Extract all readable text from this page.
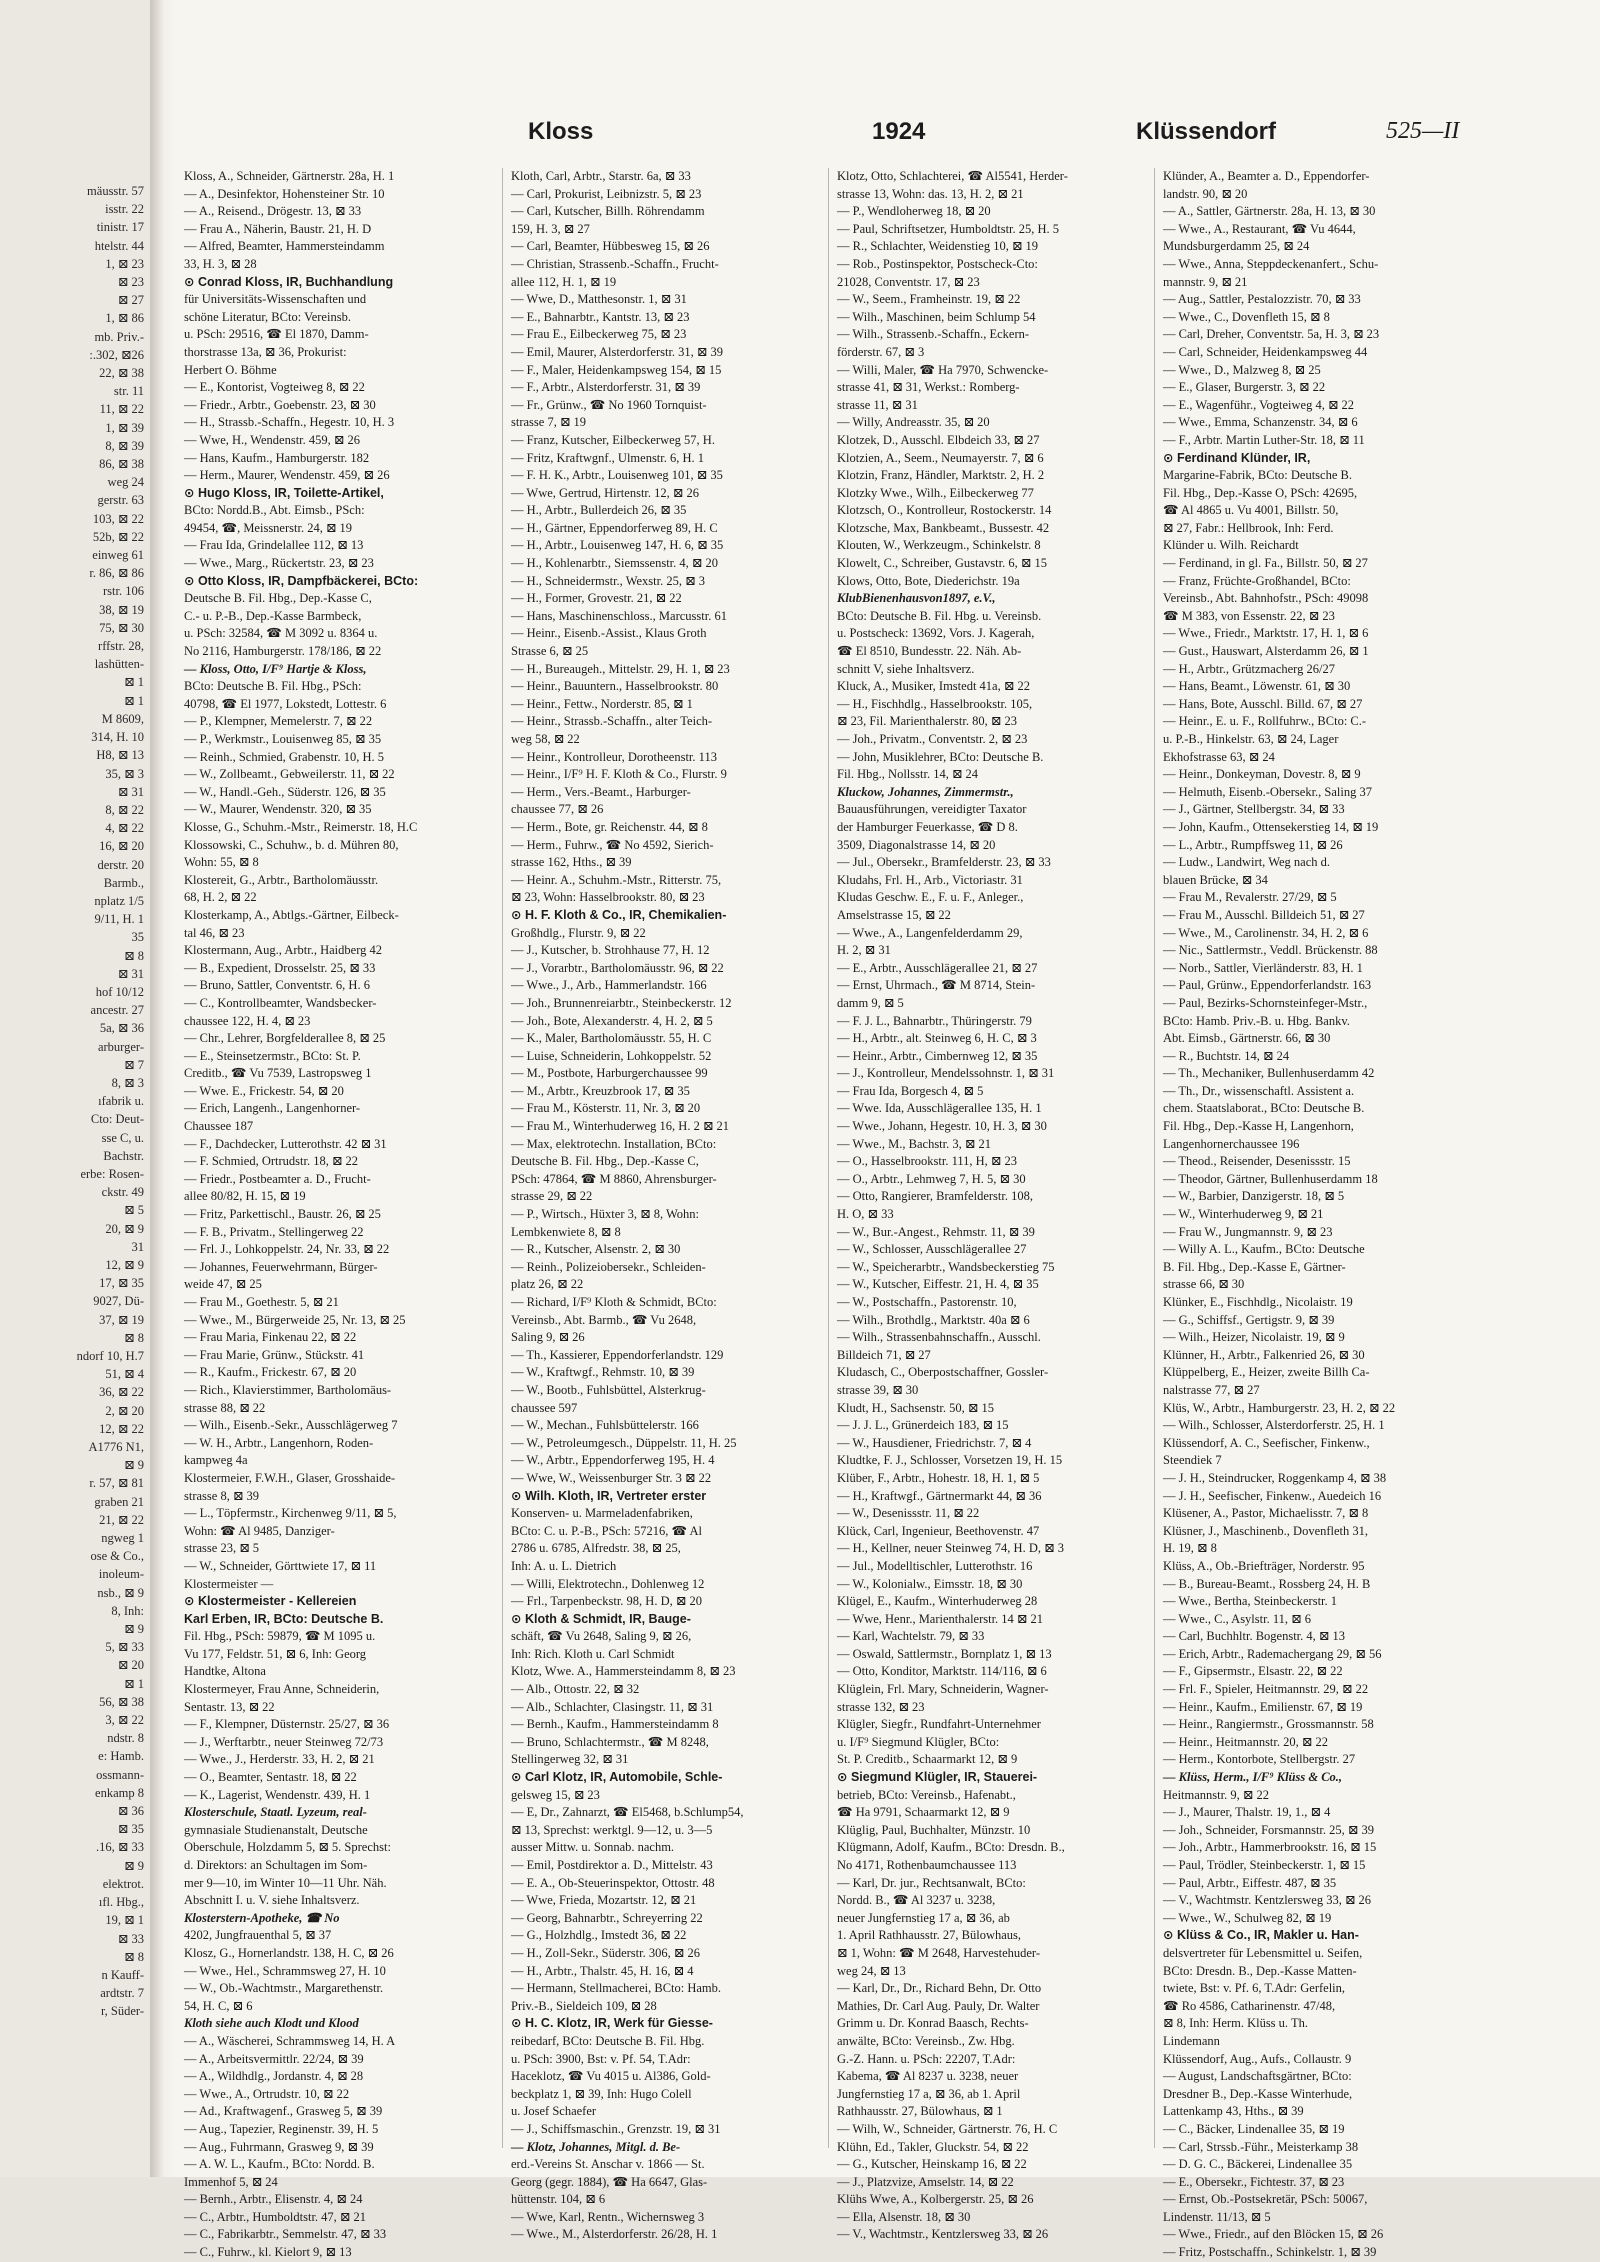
mäusstr. 57
isstr. 22
tinistr. 17
htelstr. 44
1, ⊠ 23
⊠ 23
⊠ 27
1, ⊠ 86
mb. Priv.-
:.302, ⊠26
22, ⊠ 38
str. 11
11, ⊠ 22
1, ⊠ 39
8, ⊠ 39
86, ⊠ 38
weg 24
gerstr. 63
103, ⊠ 22
52b, ⊠ 22
einweg 61
r. 86, ⊠ 86
rstr. 106
38, ⊠ 19
75, ⊠ 30
rffstr. 28,
lashütten-
⊠ 1
⊠ 1
M 8609,
314, H. 10
H8, ⊠ 13
35, ⊠ 3
⊠ 31
8, ⊠ 22
4, ⊠ 22
16, ⊠ 20
derstr. 20
Barmb.,
nplatz 1/5
9/11, H. 1
35
⊠ 8
⊠ 31
hof 10/12
ancestr. 27
5a, ⊠ 36
arburger-
⊠ 7
8, ⊠ 3
ıfabrik u.
Cto: Deut-
sse C, u.
Bachstr.
erbe: Rosen-
ckstr. 49
⊠ 5
20, ⊠ 9
31
12, ⊠ 9
17, ⊠ 35
9027, Dü-
37, ⊠ 19
⊠ 8
ndorf 10, H.7
51, ⊠ 4
36, ⊠ 22
2, ⊠ 20
12, ⊠ 22
A1776 N1,
⊠ 9
r. 57, ⊠ 81
graben 21
21, ⊠ 22
ngweg 1
ose & Co.,
inoleum-
nsb., ⊠ 9
8, Inh:
⊠ 9
5, ⊠ 33
⊠ 20
⊠ 1
56, ⊠ 38
3, ⊠ 22
ndstr. 8
e: Hamb.
ossmann-
enkamp 8
⊠ 36
⊠ 35
.16, ⊠ 33
⊠ 9
elektrot.
ıfl. Hbg.,
19, ⊠ 1
⊠ 33
⊠ 8
n Kauff-
ardtstr. 7
r, Süder-
Kloss	1924	Klüssendorf	525—II
Kloss, A., Schneider, Gärtnerstr. 28a, H. 1
— A., Desinfektor, Hohensteiner Str. 10
— A., Reisend., Drögestr. 13, ⊠ 33
— Frau A., Näherin, Baustr. 21, H. D
— Alfred, Beamter, Hammersteindamm
33, H. 3, ⊠ 28
⊙ Conrad Kloss, IR, Buchhandlung
für Universitäts-Wissenschaften und
schöne Literatur, BCto: Vereinsb.
u. PSch: 29516, ☎ El 1870, Damm-
thorstrasse 13a, ⊠ 36, Prokurist:
Herbert O. Böhme
— E., Kontorist, Vogteiweg 8, ⊠ 22
— Friedr., Arbtr., Goebenstr. 23, ⊠ 30
— H., Strassb.-Schaffn., Hegestr. 10, H. 3
— Wwe, H., Wendenstr. 459, ⊠ 26
— Hans, Kaufm., Hamburgerstr. 182
— Herm., Maurer, Wendenstr. 459, ⊠ 26
⊙ Hugo Kloss, IR, Toilette-Artikel,
BCto: Nordd.B., Abt. Eimsb., PSch:
49454, ☎, Meissnerstr. 24, ⊠ 19
— Frau Ida, Grindelallee 112, ⊠ 13
— Wwe., Marg., Rückertstr. 23, ⊠ 23
⊙ Otto Kloss, IR, Dampfbäckerei, BCto:
Deutsche B. Fil. Hbg., Dep.-Kasse C,
C.- u. P.-B., Dep.-Kasse Barmbeck,
u. PSch: 32584, ☎ M 3092 u. 8364 u.
No 2116, Hamburgerstr. 178/186, ⊠ 22
— Kloss, Otto, I/F⁹ Hartje & Kloss,
BCto: Deutsche B. Fil. Hbg., PSch:
40798, ☎ El 1977, Lokstedt, Lottestr. 6
— P., Klempner, Memelerstr. 7, ⊠ 22
— P., Werkmstr., Louisenweg 85, ⊠ 35
— Reinh., Schmied, Grabenstr. 10, H. 5
— W., Zollbeamt., Gebweilerstr. 11, ⊠ 22
— W., Handl.-Geh., Süderstr. 126, ⊠ 35
— W., Maurer, Wendenstr. 320, ⊠ 35
Klosse, G., Schuhm.-Mstr., Reimerstr. 18, H.C
Klossowski, C., Schuhw., b. d. Mühren 80,
Wohn: 55, ⊠ 8
Klostereit, G., Arbtr., Bartholomäusstr.
68, H. 2, ⊠ 22
Klosterkamp, A., Abtlgs.-Gärtner, Eilbeck-
tal 46, ⊠ 23
Klostermann, Aug., Arbtr., Haidberg 42
— B., Expedient, Drosselstr. 25, ⊠ 33
— Bruno, Sattler, Conventstr. 6, H. 6
— C., Kontrollbeamter, Wandsbecker-
chaussee 122, H. 4, ⊠ 23
— Chr., Lehrer, Borgfelderallee 8, ⊠ 25
— E., Steinsetzermstr., BCto: St. P.
Creditb., ☎ Vu 7539, Lastropsweg 1
— Wwe. E., Frickestr. 54, ⊠ 20
— Erich, Langenh., Langenhorner-
Chaussee 187
— F., Dachdecker, Lutterothstr. 42 ⊠ 31
— F. Schmied, Ortrudstr. 18, ⊠ 22
— Friedr., Postbeamter a. D., Frucht-
allee 80/82, H. 15, ⊠ 19
— Fritz, Parkettischl., Baustr. 26, ⊠ 25
— F. B., Privatm., Stellingerweg 22
— Frl. J., Lohkoppelstr. 24, Nr. 33, ⊠ 22
— Johannes, Feuerwehrmann, Bürger-
weide 47, ⊠ 25
— Frau M., Goethestr. 5, ⊠ 21
— Wwe., M., Bürgerweide 25, Nr. 13, ⊠ 25
— Frau Maria, Finkenau 22, ⊠ 22
— Frau Marie, Grünw., Stückstr. 41
— R., Kaufm., Frickestr. 67, ⊠ 20
— Rich., Klavierstimmer, Bartholomäus-
strasse 88, ⊠ 22
— Wilh., Eisenb.-Sekr., Ausschlägerweg 7
— W. H., Arbtr., Langenhorn, Roden-
kampweg 4a
Klostermeier, F.W.H., Glaser, Grosshaide-
strasse 8, ⊠ 39
— L., Töpfermstr., Kirchenweg 9/11, ⊠ 5,
Wohn: ☎ Al 9485, Danziger-
strasse 23, ⊠ 5
— W., Schneider, Görttwiete 17, ⊠ 11
Klostermeister —
⊙ Klostermeister - Kellereien
Karl Erben, IR, BCto: Deutsche B.
Fil. Hbg., PSch: 59879, ☎ M 1095 u.
Vu 177, Feldstr. 51, ⊠ 6, Inh: Georg
Handtke, Altona
Klostermeyer, Frau Anne, Schneiderin,
Sentastr. 13, ⊠ 22
— F., Klempner, Düsternstr. 25/27, ⊠ 36
— J., Werftarbtr., neuer Steinweg 72/73
— Wwe., J., Herderstr. 33, H. 2, ⊠ 21
— O., Beamter, Sentastr. 18, ⊠ 22
— K., Lagerist, Wendenstr. 439, H. 1
Klosterschule, Staatl. Lyzeum, real-
gymnasiale Studienanstalt, Deutsche
Oberschule, Holzdamm 5, ⊠ 5. Sprechst:
d. Direktors: an Schultagen im Som-
mer 9—10, im Winter 10—11 Uhr. Näh.
Abschnitt I. u. V. siehe Inhaltsverz.
Klosterstern-Apotheke, ☎ No
4202, Jungfrauenthal 5, ⊠ 37
Klosz, G., Hornerlandstr. 138, H. C, ⊠ 26
— Wwe., Hel., Schrammsweg 27, H. 10
— W., Ob.-Wachtmstr., Margarethenstr.
54, H. C, ⊠ 6
Kloth siehe auch Klodt und Klood
— A., Wäscherei, Schrammsweg 14, H. A
— A., Arbeitsvermittlr. 22/24, ⊠ 39
— A., Wildhdlg., Jordanstr. 4, ⊠ 28
— Wwe., A., Ortrudstr. 10, ⊠ 22
— Ad., Kraftwagenf., Grasweg 5, ⊠ 39
— Aug., Tapezier, Reginenstr. 39, H. 5
— Aug., Fuhrmann, Grasweg 9, ⊠ 39
— A. W. L., Kaufm., BCto: Nordd. B.
Immenhof 5, ⊠ 24
— Bernh., Arbtr., Elisenstr. 4, ⊠ 24
— C., Arbtr., Humboldtstr. 47, ⊠ 21
— C., Fabrikarbtr., Semmelstr. 47, ⊠ 33
— C., Fuhrw., kl. Kielort 9, ⊠ 13
Kloth, Carl, Arbtr., Starstr. 6a, ⊠ 33
— Carl, Prokurist, Leibnizstr. 5, ⊠ 23
— Carl, Kutscher, Billh. Röhrendamm
159, H. 3, ⊠ 27
— Carl, Beamter, Hübbesweg 15, ⊠ 26
— Christian, Strassenb.-Schaffn., Frucht-
allee 112, H. 1, ⊠ 19
— Wwe, D., Matthesonstr. 1, ⊠ 31
— E., Bahnarbtr., Kantstr. 13, ⊠ 23
— Frau E., Eilbeckerweg 75, ⊠ 23
— Emil, Maurer, Alsterdorferstr. 31, ⊠ 39
— F., Maler, Heidenkampsweg 154, ⊠ 15
— F., Arbtr., Alsterdorferstr. 31, ⊠ 39
— Fr., Grünw., ☎ No 1960 Tornquist-
strasse 7, ⊠ 19
— Franz, Kutscher, Eilbeckerweg 57, H.
— Fritz, Kraftwgnf., Ulmenstr. 6, H. 1
— F. H. K., Arbtr., Louisenweg 101, ⊠ 35
— Wwe, Gertrud, Hirtenstr. 12, ⊠ 26
— H., Arbtr., Bullerdeich 26, ⊠ 35
— H., Gärtner, Eppendorferweg 89, H. C
— H., Arbtr., Louisenweg 147, H. 6, ⊠ 35
— H., Kohlenarbtr., Siemssenstr. 4, ⊠ 20
— H., Schneidermstr., Wexstr. 25, ⊠ 3
— H., Former, Grovestr. 21, ⊠ 22
— Hans, Maschinenschloss., Marcusstr. 61
— Heinr., Eisenb.-Assist., Klaus Groth
Strasse 6, ⊠ 25
— H., Bureaugeh., Mittelstr. 29, H. 1, ⊠ 23
— Heinr., Bauuntern., Hasselbrookstr. 80
— Heinr., Fettw., Norderstr. 85, ⊠ 1
— Heinr., Strassb.-Schaffn., alter Teich-
weg 58, ⊠ 22
— Heinr., Kontrolleur, Dorotheenstr. 113
— Heinr., I/F⁹ H. F. Kloth & Co., Flurstr. 9
— Herm., Vers.-Beamt., Harburger-
chaussee 77, ⊠ 26
— Herm., Bote, gr. Reichenstr. 44, ⊠ 8
— Herm., Fuhrw., ☎ No 4592, Sierich-
strasse 162, Hths., ⊠ 39
— Heinr. A., Schuhm.-Mstr., Ritterstr. 75,
⊠ 23, Wohn: Hasselbrookstr. 80, ⊠ 23
⊙ H. F. Kloth & Co., IR, Chemikalien-
Großhdlg., Flurstr. 9, ⊠ 22
— J., Kutscher, b. Strohhause 77, H. 12
— J., Vorarbtr., Bartholomäusstr. 96, ⊠ 22
— Wwe., J., Arb., Hammerlandstr. 166
— Joh., Brunnenreiarbtr., Steinbeckerstr. 12
— Joh., Bote, Alexanderstr. 4, H. 2, ⊠ 5
— K., Maler, Bartholomäusstr. 55, H. C
— Luise, Schneiderin, Lohkoppelstr. 52
— M., Postbote, Harburgerchaussee 99
— M., Arbtr., Kreuzbrook 17, ⊠ 35
— Frau M., Kösterstr. 11, Nr. 3, ⊠ 20
— Frau M., Winterhuderweg 16, H. 2 ⊠ 21
— Max, elektrotechn. Installation, BCto:
Deutsche B. Fil. Hbg., Dep.-Kasse C,
PSch: 47864, ☎ M 8860, Ahrensburger-
strasse 29, ⊠ 22
— P., Wirtsch., Hüxter 3, ⊠ 8, Wohn:
Lembkenwiete 8, ⊠ 8
— R., Kutscher, Alsenstr. 2, ⊠ 30
— Reinh., Polizeiobersekr., Schleiden-
platz 26, ⊠ 22
— Richard, I/F⁹ Kloth & Schmidt, BCto:
Vereinsb., Abt. Barmb., ☎ Vu 2648,
Saling 9, ⊠ 26
— Th., Kassierer, Eppendorferlandstr. 129
— W., Kraftwgf., Rehmstr. 10, ⊠ 39
— W., Bootb., Fuhlsbüttel, Alsterkrug-
chaussee 597
— W., Mechan., Fuhlsbüttelerstr. 166
— W., Petroleumgesch., Düppelstr. 11, H. 25
— W., Arbtr., Eppendorferweg 195, H. 4
— Wwe, W., Weissenburger Str. 3 ⊠ 22
⊙ Wilh. Kloth, IR, Vertreter erster
Konserven- u. Marmeladenfabriken,
BCto: C. u. P.-B., PSch: 57216, ☎ Al
2786 u. 6785, Alfredstr. 38, ⊠ 25,
Inh: A. u. L. Dietrich
— Willi, Elektrotechn., Dohlenweg 12
— Frl., Tarpenbeckstr. 98, H. D, ⊠ 20
⊙ Kloth & Schmidt, IR, Bauge-
schäft, ☎ Vu 2648, Saling 9, ⊠ 26,
Inh: Rich. Kloth u. Carl Schmidt
Klotz, Wwe. A., Hammersteindamm 8, ⊠ 23
— Alb., Ottostr. 22, ⊠ 32
— Alb., Schlachter, Clasingstr. 11, ⊠ 31
— Bernh., Kaufm., Hammersteindamm 8
— Bruno, Schlachtermstr., ☎ M 8248,
Stellingerweg 32, ⊠ 31
⊙ Carl Klotz, IR, Automobile, Schle-
gelsweg 15, ⊠ 23
— E, Dr., Zahnarzt, ☎ El5468, b.Schlump54,
⊠ 13, Sprechst: werktgl. 9—12, u. 3—5
ausser Mittw. u. Sonnab. nachm.
— Emil, Postdirektor a. D., Mittelstr. 43
— E. A., Ob-Steuerinspektor, Ottostr. 48
— Wwe, Frieda, Mozartstr. 12, ⊠ 21
— Georg, Bahnarbtr., Schreyerring 22
— G., Holzhdlg., Imstedt 36, ⊠ 22
— H., Zoll-Sekr., Süderstr. 306, ⊠ 26
— H., Arbtr., Thalstr. 45, H. 16, ⊠ 4
— Hermann, Stellmacherei, BCto: Hamb.
Priv.-B., Sieldeich 109, ⊠ 28
⊙ H. C. Klotz, IR, Werk für Giesse-
reibedarf, BCto: Deutsche B. Fil. Hbg.
u. PSch: 3900, Bst: v. Pf. 54, T.Adr:
Haceklotz, ☎ Vu 4015 u. Al386, Gold-
beckplatz 1, ⊠ 39, Inh: Hugo Colell
u. Josef Schaefer
— J., Schiffsmaschin., Grenzstr. 19, ⊠ 31
— Klotz, Johannes, Mitgl. d. Be-
erd.-Vereins St. Anschar v. 1866 — St.
Georg (gegr. 1884), ☎ Ha 6647, Glas-
hüttenstr. 104, ⊠ 6
— Wwe, Karl, Rentn., Wichernsweg 3
— Wwe., M., Alsterdorferstr. 26/28, H. 1
Klotz, Otto, Schlachterei, ☎ Al5541, Herder-
strasse 13, Wohn: das. 13, H. 2, ⊠ 21
— P., Wendloherweg 18, ⊠ 20
— Paul, Schriftsetzer, Humboldtstr. 25, H. 5
— R., Schlachter, Weidenstieg 10, ⊠ 19
— Rob., Postinspektor, Postscheck-Cto:
21028, Conventstr. 17, ⊠ 23
— W., Seem., Framheinstr. 19, ⊠ 22
— Wilh., Maschinen, beim Schlump 54
— Wilh., Strassenb.-Schaffn., Eckern-
förderstr. 67, ⊠ 3
— Willi, Maler, ☎ Ha 7970, Schwencke-
strasse 41, ⊠ 31, Werkst.: Romberg-
strasse 11, ⊠ 31
— Willy, Andreasstr. 35, ⊠ 20
Klotzek, D., Ausschl. Elbdeich 33, ⊠ 27
Klotzien, A., Seem., Neumayerstr. 7, ⊠ 6
Klotzin, Franz, Händler, Marktstr. 2, H. 2
Klotzky Wwe., Wilh., Eilbeckerweg 77
Klotzsch, O., Kontrolleur, Rostockerstr. 14
Klotzsche, Max, Bankbeamt., Bussestr. 42
Klouten, W., Werkzeugm., Schinkelstr. 8
Klowelt, C., Schreiber, Gustavstr. 6, ⊠ 15
Klows, Otto, Bote, Diederichstr. 19a
KlubBienenhausvon1897, e.V.,
BCto: Deutsche B. Fil. Hbg. u. Vereinsb.
u. Postscheck: 13692, Vors. J. Kagerah,
☎ El 8510, Bundesstr. 22. Näh. Ab-
schnitt V, siehe Inhaltsverz.
Kluck, A., Musiker, Imstedt 41a, ⊠ 22
— H., Fischhdlg., Hasselbrookstr. 105,
⊠ 23, Fil. Marienthalerstr. 80, ⊠ 23
— Joh., Privatm., Conventstr. 2, ⊠ 23
— John, Musiklehrer, BCto: Deutsche B.
Fil. Hbg., Nollsstr. 14, ⊠ 24
Kluckow, Johannes, Zimmermstr.,
Bauausführungen, vereidigter Taxator
der Hamburger Feuerkasse, ☎ D 8.
3509, Diagonalstrasse 14, ⊠ 20
— Jul., Obersekr., Bramfelderstr. 23, ⊠ 33
Kludahs, Frl. H., Arb., Victoriastr. 31
Kludas Geschw. E., F. u. F., Anleger.,
Amselstrasse 15, ⊠ 22
— Wwe., A., Langenfelderdamm 29,
H. 2, ⊠ 31
— E., Arbtr., Ausschlägerallee 21, ⊠ 27
— Ernst, Uhrmach., ☎ M 8714, Stein-
damm 9, ⊠ 5
— F. J. L., Bahnarbtr., Thüringerstr. 79
— H., Arbtr., alt. Steinweg 6, H. C, ⊠ 3
— Heinr., Arbtr., Cimbernweg 12, ⊠ 35
— J., Kontrolleur, Mendelssohnstr. 1, ⊠ 31
— Frau Ida, Borgesch 4, ⊠ 5
— Wwe. Ida, Ausschlägerallee 135, H. 1
— Wwe., Johann, Hegestr. 10, H. 3, ⊠ 30
— Wwe., M., Bachstr. 3, ⊠ 21
— O., Hasselbrookstr. 111, H, ⊠ 23
— O., Arbtr., Lehmweg 7, H. 5, ⊠ 30
— Otto, Rangierer, Bramfelderstr. 108,
H. O, ⊠ 33
— W., Bur.-Angest., Rehmstr. 11, ⊠ 39
— W., Schlosser, Ausschlägerallee 27
— W., Speicherarbtr., Wandsbeckerstieg 75
— W., Kutscher, Eiffestr. 21, H. 4, ⊠ 35
— W., Postschaffn., Pastorenstr. 10,
— Wilh., Brothdlg., Marktstr. 40a ⊠ 6
— Wilh., Strassenbahnschaffn., Ausschl.
Billdeich 71, ⊠ 27
Kludasch, C., Oberpostschaffner, Gossler-
strasse 39, ⊠ 30
Kludt, H., Sachsenstr. 50, ⊠ 15
— J. J. L., Grünerdeich 183, ⊠ 15
— W., Hausdiener, Friedrichstr. 7, ⊠ 4
Kludtke, F. J., Schlosser, Vorsetzen 19, H. 15
Klüber, F., Arbtr., Hohestr. 18, H. 1, ⊠ 5
— H., Kraftwgf., Gärtnermarkt 44, ⊠ 36
— W., Desenissstr. 11, ⊠ 22
Klück, Carl, Ingenieur, Beethovenstr. 47
— H., Kellner, neuer Steinweg 74, H. D, ⊠ 3
— Jul., Modelltischler, Lutterothstr. 16
— W., Kolonialw., Eimsstr. 18, ⊠ 30
Klügel, E., Kaufm., Winterhuderweg 28
— Wwe, Henr., Marienthalerstr. 14 ⊠ 21
— Karl, Wachtelstr. 79, ⊠ 33
— Oswald, Sattlermstr., Bornplatz 1, ⊠ 13
— Otto, Konditor, Marktstr. 114/116, ⊠ 6
Klüglein, Frl. Mary, Schneiderin, Wagner-
strasse 132, ⊠ 23
Klügler, Siegfr., Rundfahrt-Unternehmer
u. I/F⁹ Siegmund Klügler, BCto:
St. P. Creditb., Schaarmarkt 12, ⊠ 9
⊙ Siegmund Klügler, IR, Stauerei-
betrieb, BCto: Vereinsb., Hafenabt.,
☎ Ha 9791, Schaarmarkt 12, ⊠ 9
Klüglig, Paul, Buchhalter, Münzstr. 10
Klügmann, Adolf, Kaufm., BCto: Dresdn. B.,
No 4171, Rothenbaumchaussee 113
— Karl, Dr. jur., Rechtsanwalt, BCto:
Nordd. B., ☎ Al 3237 u. 3238,
neuer Jungfernstieg 17 a, ⊠ 36, ab
1. April Rathhausstr. 27, Bülowhaus,
⊠ 1, Wohn: ☎ M 2648, Harvestehuder-
weg 24, ⊠ 13
— Karl, Dr., Dr., Richard Behn, Dr. Otto
Mathies, Dr. Carl Aug. Pauly, Dr. Walter
Grimm u. Dr. Konrad Baasch, Rechts-
anwälte, BCto: Vereinsb., Zw. Hbg.
G.-Z. Hann. u. PSch: 22207, T.Adr:
Kabema, ☎ Al 8237 u. 3238, neuer
Jungfernstieg 17 a, ⊠ 36, ab 1. April
Rathhausstr. 27, Bülowhaus, ⊠ 1
— Wilh, W., Schneider, Gärtnerstr. 76, H. C
Klühn, Ed., Takler, Gluckstr. 54, ⊠ 22
— G., Kutscher, Heinskamp 16, ⊠ 22
— J., Platzvize, Amselstr. 14, ⊠ 22
Klühs Wwe, A., Kolbergerstr. 25, ⊠ 26
— Ella, Alsenstr. 18, ⊠ 30
— V., Wachtmstr., Kentzlersweg 33, ⊠ 26
Klünder, A., Beamter a. D., Eppendorfer-
landstr. 90, ⊠ 20
— A., Sattler, Gärtnerstr. 28a, H. 13, ⊠ 30
— Wwe., A., Restaurant, ☎ Vu 4644,
Mundsburgerdamm 25, ⊠ 24
— Wwe., Anna, Steppdeckenanfert., Schu-
mannstr. 9, ⊠ 21
— Aug., Sattler, Pestalozzistr. 70, ⊠ 33
— Wwe., C., Dovenfleth 15, ⊠ 8
— Carl, Dreher, Conventstr. 5a, H. 3, ⊠ 23
— Carl, Schneider, Heidenkampsweg 44
— Wwe., D., Malzweg 8, ⊠ 25
— E., Glaser, Burgerstr. 3, ⊠ 22
— E., Wagenführ., Vogteiweg 4, ⊠ 22
— Wwe., Emma, Schanzenstr. 34, ⊠ 6
— F., Arbtr. Martin Luther-Str. 18, ⊠ 11
⊙ Ferdinand Klünder, IR,
Margarine-Fabrik, BCto: Deutsche B.
Fil. Hbg., Dep.-Kasse O, PSch: 42695,
☎ Al 4865 u. Vu 4001, Billstr. 50,
⊠ 27, Fabr.: Hellbrook, Inh: Ferd.
Klünder u. Wilh. Reichardt
— Ferdinand, in gl. Fa., Billstr. 50, ⊠ 27
— Franz, Früchte-Großhandel, BCto:
Vereinsb., Abt. Bahnhofstr., PSch: 49098
☎ M 383, von Essenstr. 22, ⊠ 23
— Wwe., Friedr., Marktstr. 17, H. 1, ⊠ 6
— Gust., Hauswart, Alsterdamm 26, ⊠ 1
— H., Arbtr., Grützmacherg 26/27
— Hans, Beamt., Löwenstr. 61, ⊠ 30
— Hans, Bote, Ausschl. Billd. 67, ⊠ 27
— Heinr., E. u. F., Rollfuhrw., BCto: C.-
u. P.-B., Hinkelstr. 63, ⊠ 24, Lager
Ekhofstrasse 63, ⊠ 24
— Heinr., Donkeyman, Dovestr. 8, ⊠ 9
— Helmuth, Eisenb.-Obersekr., Saling 37
— J., Gärtner, Stellbergstr. 34, ⊠ 33
— John, Kaufm., Ottensekerstieg 14, ⊠ 19
— L., Arbtr., Rumpffsweg 11, ⊠ 26
— Ludw., Landwirt, Weg nach d.
blauen Brücke, ⊠ 34
— Frau M., Revalerstr. 27/29, ⊠ 5
— Frau M., Ausschl. Billdeich 51, ⊠ 27
— Wwe., M., Carolinenstr. 34, H. 2, ⊠ 6
— Nic., Sattlermstr., Veddl. Brückenstr. 88
— Norb., Sattler, Vierländerstr. 83, H. 1
— Paul, Grünw., Eppendorferlandstr. 163
— Paul, Bezirks-Schornsteinfeger-Mstr.,
BCto: Hamb. Priv.-B. u. Hbg. Bankv.
Abt. Eimsb., Gärtnerstr. 66, ⊠ 30
— R., Buchtstr. 14, ⊠ 24
— Th., Mechaniker, Bullenhuserdamm 42
— Th., Dr., wissenschaftl. Assistent a.
chem. Staatslaborat., BCto: Deutsche B.
Fil. Hbg., Dep.-Kasse H, Langenhorn,
Langenhornerchaussee 196
— Theod., Reisender, Desenissstr. 15
— Theodor, Gärtner, Bullenhuserdamm 18
— W., Barbier, Danzigerstr. 18, ⊠ 5
— W., Winterhuderweg 9, ⊠ 21
— Frau W., Jungmannstr. 9, ⊠ 23
— Willy A. L., Kaufm., BCto: Deutsche
B. Fil. Hbg., Dep.-Kasse E, Gärtner-
strasse 66, ⊠ 30
Klünker, E., Fischhdlg., Nicolaistr. 19
— G., Schiffsf., Gertigstr. 9, ⊠ 39
— Wilh., Heizer, Nicolaistr. 19, ⊠ 9
Klünner, H., Arbtr., Falkenried 26, ⊠ 30
Klüppelberg, E., Heizer, zweite Billh Ca-
nalstrasse 77, ⊠ 27
Klüs, W., Arbtr., Hamburgerstr. 23, H. 2, ⊠ 22
— Wilh., Schlosser, Alsterdorferstr. 25, H. 1
Klüssendorf, A. C., Seefischer, Finkenw.,
Steendiek 7
— J. H., Steindrucker, Roggenkamp 4, ⊠ 38
— J. H., Seefischer, Finkenw., Auedeich 16
Klüsener, A., Pastor, Michaelisstr. 7, ⊠ 8
Klüsner, J., Maschinenb., Dovenfleth 31,
H. 19, ⊠ 8
Klüss, A., Ob.-Briefträger, Norderstr. 95
— B., Bureau-Beamt., Rossberg 24, H. B
— Wwe., Bertha, Steinbeckerstr. 1
— Wwe., C., Asylstr. 11, ⊠ 6
— Carl, Buchhltr. Bogenstr. 4, ⊠ 13
— Erich, Arbtr., Rademachergang 29, ⊠ 56
— F., Gipsermstr., Elsastr. 22, ⊠ 22
— Frl. F., Spieler, Heitmannstr. 29, ⊠ 22
— Heinr., Kaufm., Emilienstr. 67, ⊠ 19
— Heinr., Rangiermstr., Grossmannstr. 58
— Heinr., Heitmannstr. 20, ⊠ 22
— Herm., Kontorbote, Stellbergstr. 27
— Klüss, Herm., I/F⁹ Klüss & Co.,
Heitmannstr. 9, ⊠ 22
— J., Maurer, Thalstr. 19, 1., ⊠ 4
— Joh., Schneider, Forsmannstr. 25, ⊠ 39
— Joh., Arbtr., Hammerbrookstr. 16, ⊠ 15
— Paul, Trödler, Steinbeckerstr. 1, ⊠ 15
— Paul, Arbtr., Eiffestr. 487, ⊠ 35
— V., Wachtmstr. Kentzlersweg 33, ⊠ 26
— Wwe., W., Schulweg 82, ⊠ 19
⊙ Klüss & Co., IR, Makler u. Han-
delsvertreter für Lebensmittel u. Seifen,
BCto: Dresdn. B., Dep.-Kasse Matten-
twiete, Bst: v. Pf. 6, T.Adr: Gerfelin,
☎ Ro 4586, Catharinenstr. 47/48,
⊠ 8, Inh: Herm. Klüss u. Th.
Lindemann
Klüssendorf, Aug., Aufs., Collaustr. 9
— August, Landschaftsgärtner, BCto:
Dresdner B., Dep.-Kasse Winterhude,
Lattenkamp 43, Hths., ⊠ 39
— C., Bäcker, Lindenallee 35, ⊠ 19
— Carl, Strssb.-Führ., Meisterkamp 38
— D. G. C., Bäckerei, Lindenallee 35
— E., Obersekr., Fichtestr. 37, ⊠ 23
— Ernst, Ob.-Postsekretär, PSch: 50067,
Lindenstr. 11/13, ⊠ 5
— Wwe., Friedr., auf den Blöcken 15, ⊠ 26
— Fritz, Postschaffn., Schinkelstr. 1, ⊠ 39
